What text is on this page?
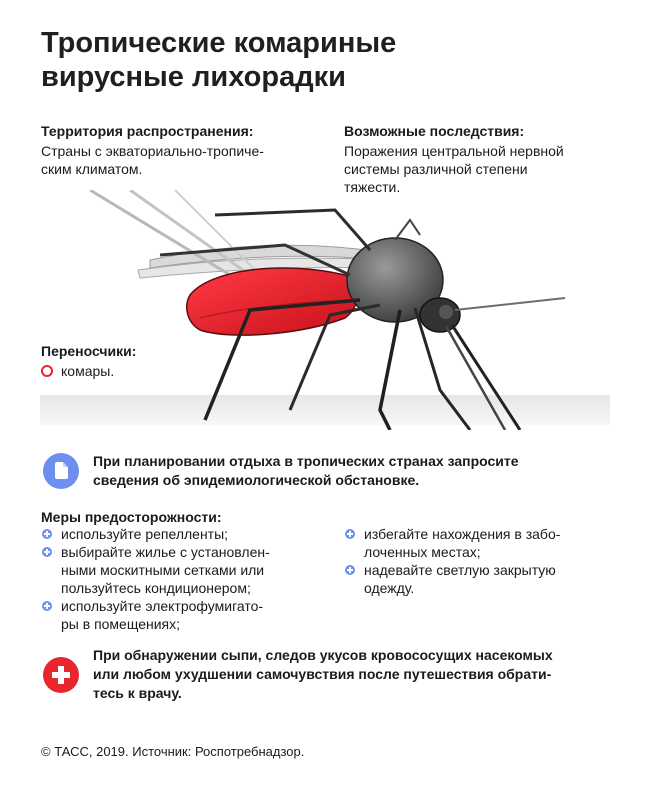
Тропические комариные
вирусные лихорадки
Территория распространения:
Страны с экваториально-тропиче-
ским климатом.
Возможные последствия:
Поражения центральной нервной
системы различной степени
тяжести.
Переносчики:
комары.
При планировании отдыха в тропических странах запросите
сведения об эпидемиологической обстановке.
Меры предосторожности:
используйте репелленты;
выбирайте жилье с установлен-
ными москитными сетками или
пользуйтесь кондиционером;
используйте электрофумигато-
ры в помещениях;
избегайте нахождения в забо-
лоченных местах;
надевайте светлую закрытую
одежду.
При обнаружении сыпи, следов укусов кровососущих насекомых
или любом ухудшении самочувствия после путешествия обрати-
тесь к врачу.
© ТАСС, 2019. Источник: Роспотребнадзор.
